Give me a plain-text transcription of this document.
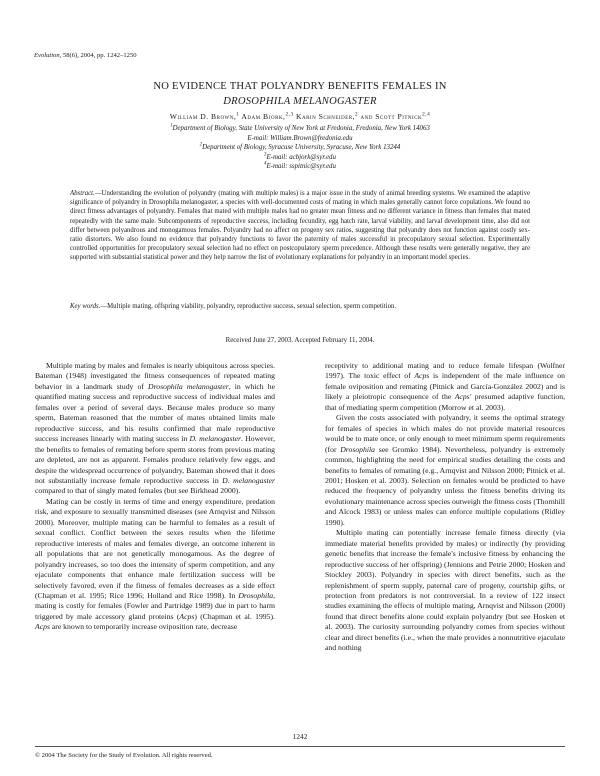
Evolution, 58(6), 2004, pp. 1242–1250
NO EVIDENCE THAT POLYANDRY BENEFITS FEMALES IN
DROSOPHILA MELANOGASTER
William D. Brown,$^1$ Adam Bjork,$^{2,3}$ Karin Schneider,$^2$ and Scott Pitnick$^{2,4}$
$^1$Department of Biology, State University of New York at Fredonia, Fredonia, New York 14063
E-mail: William.Brown@fredonia.edu
$^2$Department of Biology, Syracuse University, Syracuse, New York 13244
$^3$E-mail: acbjork@syr.edu
$^4$E-mail: sspitnic@syr.edu
Abstract.—Understanding the evolution of polyandry (mating with multiple males) is a major issue in the study of animal breeding systems. We examined the adaptive significance of polyandry in Drosophila melanogaster, a species with well-documented costs of mating in which males generally cannot force copulations. We found no direct fitness advantages of polyandry. Females that mated with multiple males had no greater mean fitness and no different variance in fitness than females that mated repeatedly with the same male. Subcomponents of reproductive success, including fecundity, egg hatch rate, larval viability, and larval development time, also did not differ between polyandrous and monogamous females. Polyandry had no affect on progeny sex ratios, suggesting that polyandry does not function against costly sex-ratio distorters. We also found no evidence that polyandry functions to favor the paternity of males successful in precopulatory sexual selection. Experimentally controlled opportunities for precopulatory sexual selection had no effect on postcopulatory sperm precedence. Although these results were generally negative, they are supported with substantial statistical power and they help narrow the list of evolutionary explanations for polyandry in an important model species.
Key words.—Multiple mating, offspring viability, polyandry, reproductive success, sexual selection, sperm competition.
Received June 27, 2003. Accepted February 11, 2004.

Multiple mating by males and females is nearly ubiquitous across species. Bateman (1948) investigated the fitness consequences of repeated mating behavior in a landmark study of Drosophila melanogaster, in which he quantified mating success and reproductive success of individual males and females over a period of several days. Because males produce so many sperm, Bateman reasoned that the number of mates obtained limits male reproductive success, and his results confirmed that male reproductive success increases linearly with mating success in D. melanogaster. However, the benefits to females of remating before sperm stores from previous mating are depleted, are not as apparent. Females produce relatively few eggs, and despite the widespread occurrence of polyandry, Bateman showed that it does not substantially increase female reproductive success in D. melanogaster compared to that of singly mated females (but see Birkhead 2000).

Mating can be costly in terms of time and energy expenditure, predation risk, and exposure to sexually transmitted diseases (see Arnqvist and Nilsson 2000). Moreover, multiple mating can be harmful to females as a result of sexual conflict. Conflict between the sexes results when the lifetime reproductive interests of males and females diverge, an outcome inherent in all populations that are not genetically monogamous. As the degree of polyandry increases, so too does the intensity of sperm competition, and any ejaculate components that enhance male fertilization success will be selectively favored, even if the fitness of females decreases as a side effect (Chapman et al. 1995; Rice 1996; Holland and Rice 1998). In Drosophila, mating is costly for females (Fowler and Partridge 1989) due in part to harm triggered by male accessory gland proteins (Acps) (Chapman et al. 1995). Acps are known to temporarily increase oviposition rate, decrease

receptivity to additional mating and to reduce female lifespan (Wolfner 1997). The toxic effect of Acps is independent of the male influence on female oviposition and remating (Pitnick and García-González 2002) and is likely a pleiotropic consequence of the Acps' presumed adaptive function, that of mediating sperm competition (Morrow et al. 2003).

Given the costs associated with polyandry, it seems the optimal strategy for females of species in which males do not provide material resources would be to mate once, or only enough to meet minimum sperm requirements (for Drosophila see Gromko 1984). Nevertheless, polyandry is extremely common, highlighting the need for empirical studies detailing the costs and benefits to females of remating (e.g., Arnqvist and Nilsson 2000; Pitnick et al. 2001; Hosken et al. 2003). Selection on females would be predicted to have reduced the frequency of polyandry unless the fitness benefits driving its evolutionary maintenance across species outweigh the fitness costs (Thornhill and Alcock 1983) or unless males can enforce multiple copulations (Ridley 1990).

Multiple mating can potentially increase female fitness directly (via immediate material benefits provided by males) or indirectly (by providing genetic benefits that increase the female's inclusive fitness by enhancing the reproductive success of her offspring) (Jennions and Petrie 2000; Hosken and Stockley 2003). Polyandry in species with direct benefits, such as the replenishment of sperm supply, paternal care of progeny, courtship gifts, or protection from predators is not controversial. In a review of 122 insect studies examining the effects of multiple mating, Arnqvist and Nilsson (2000) found that direct benefits alone could explain polyandry (but see Hosken et al. 2003). The curiosity surrounding polyandry comes from species without clear and direct benefits (i.e., when the male provides a nonnutritive ejaculate and nothing

1242
© 2004 The Society for the Study of Evolution. All rights reserved.
